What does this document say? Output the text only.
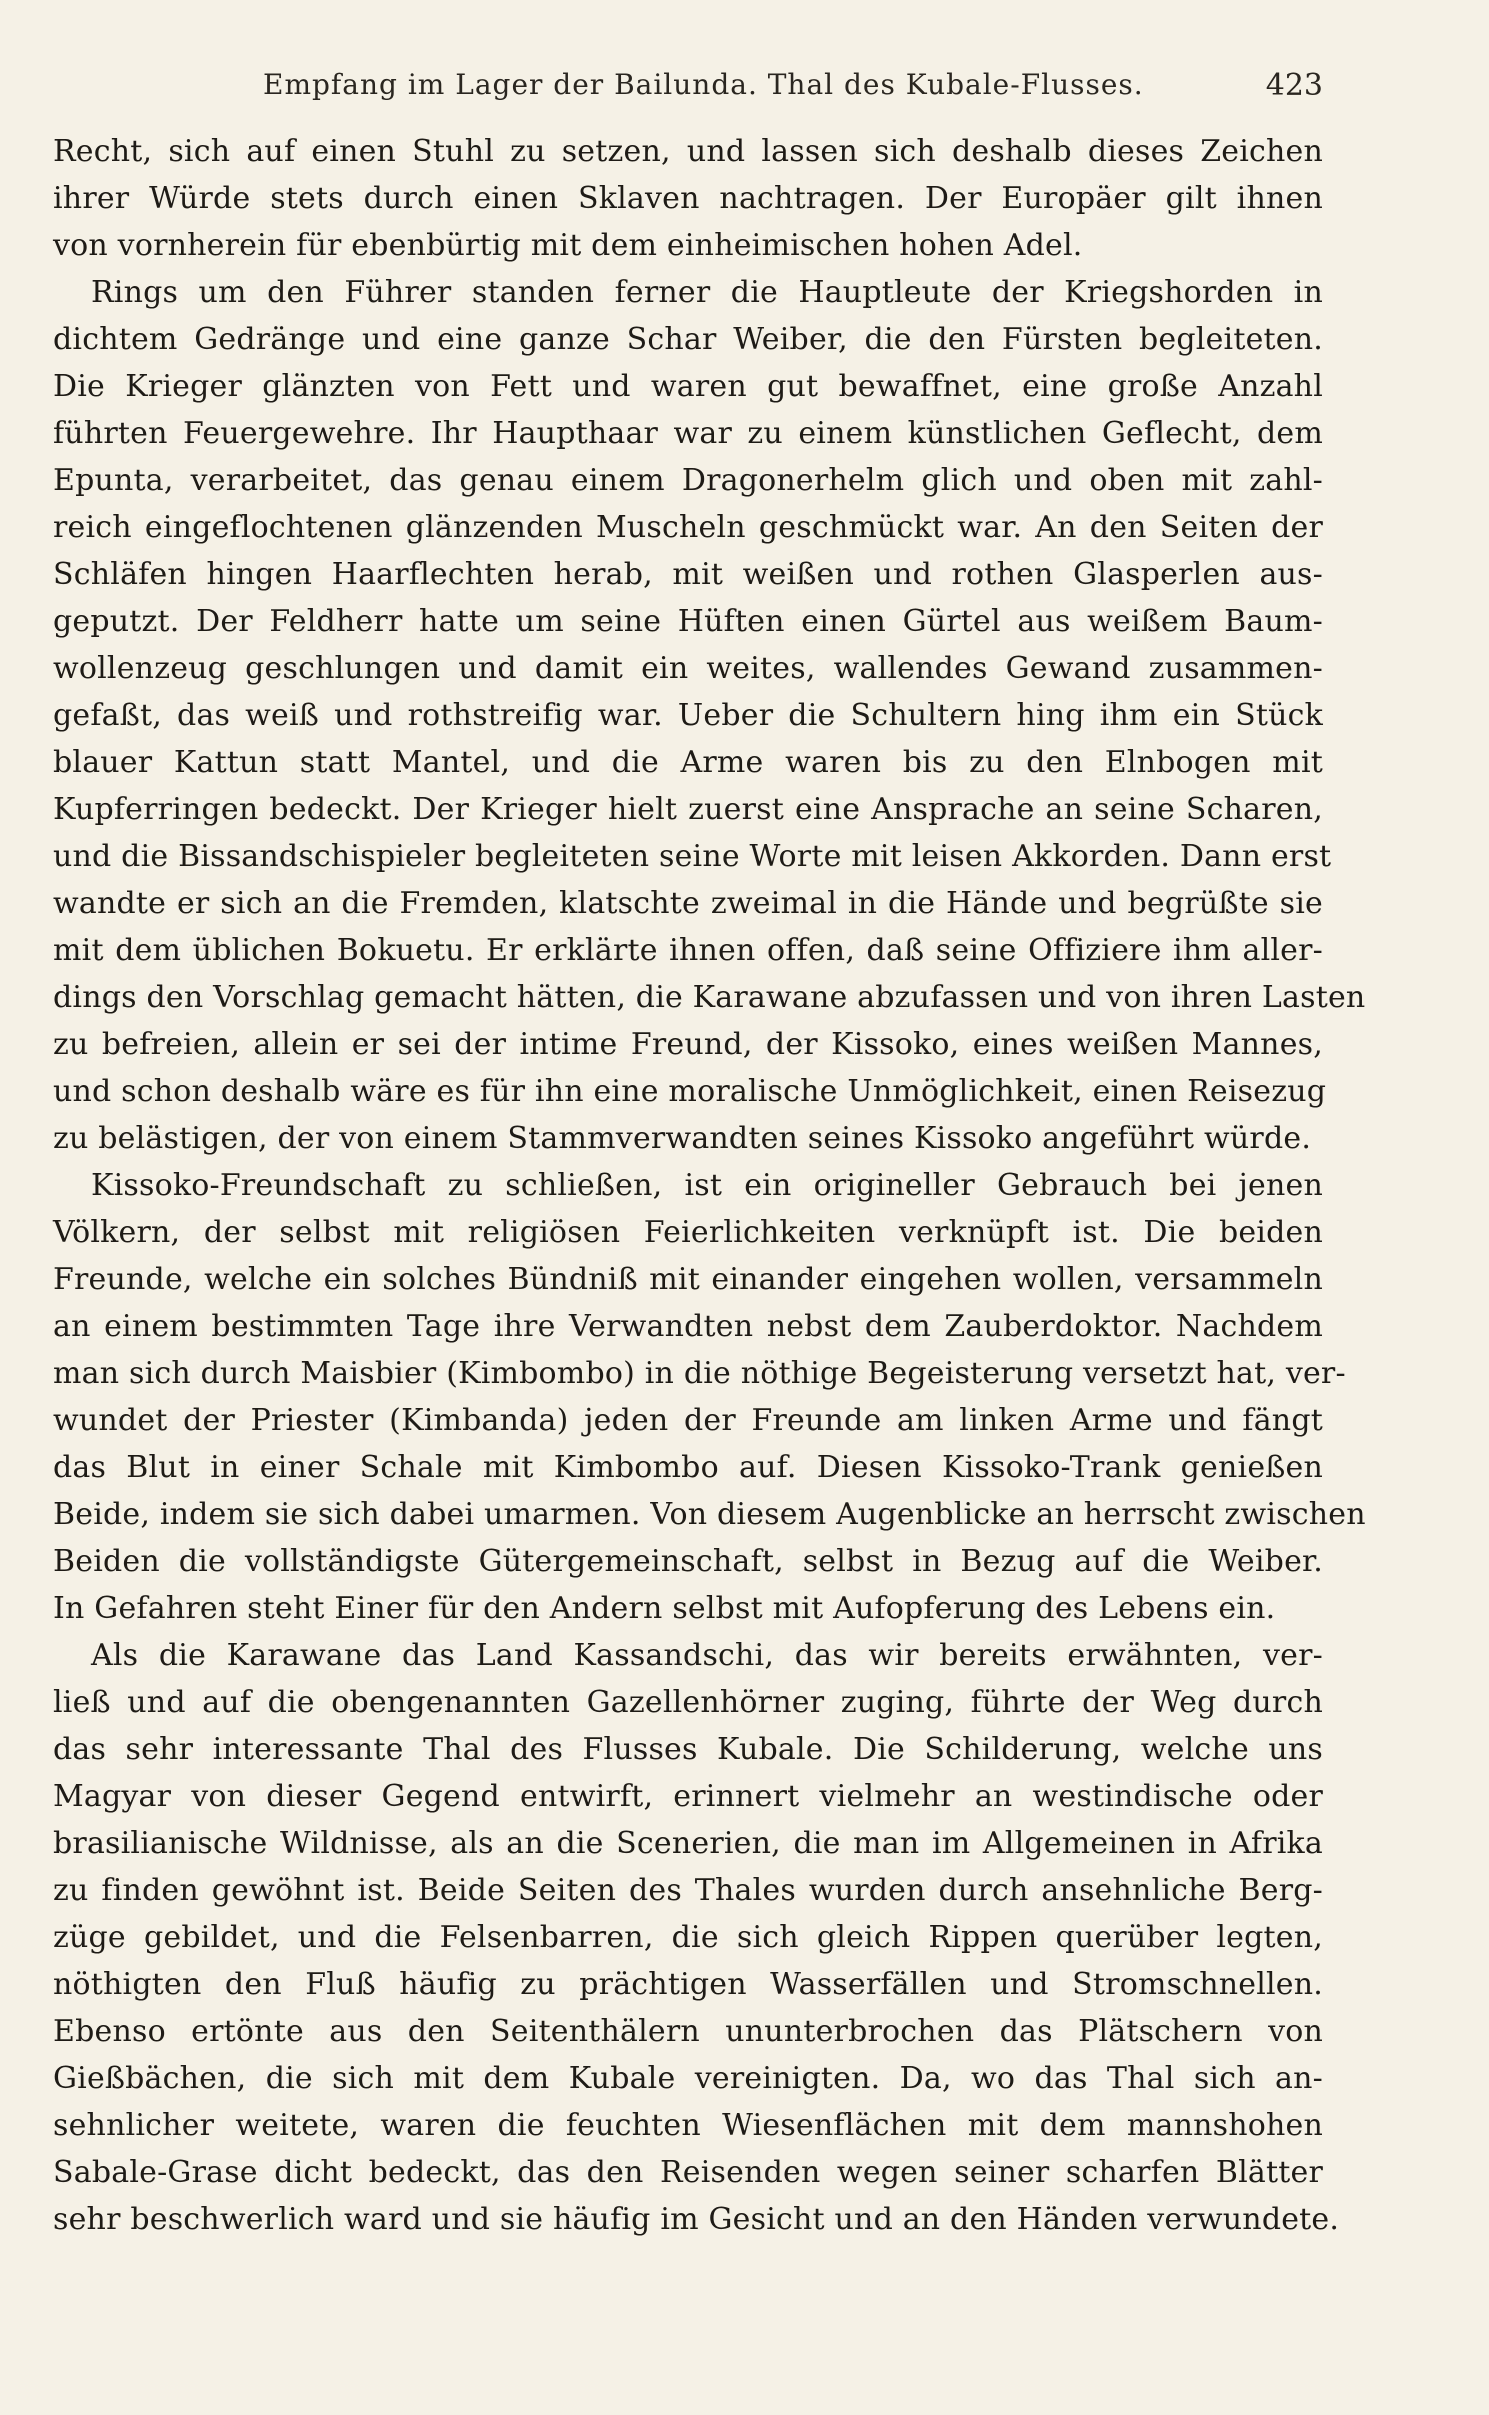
Empfang im Lager der Bailunda. Thal des Kubale-Flusses.	423
Recht, sich auf einen Stuhl zu setzen, und lassen sich deshalb dieses Zeichen
ihrer Würde stets durch einen Sklaven nachtragen. Der Europäer gilt ihnen
von vornherein für ebenbürtig mit dem einheimischen hohen Adel.
Rings um den Führer standen ferner die Hauptleute der Kriegshorden in
dichtem Gedränge und eine ganze Schar Weiber, die den Fürsten begleiteten.
Die Krieger glänzten von Fett und waren gut bewaffnet, eine große Anzahl
führten Feuergewehre. Ihr Haupthaar war zu einem künstlichen Geflecht, dem
Epunta, verarbeitet, das genau einem Dragonerhelm glich und oben mit zahl-
reich eingeflochtenen glänzenden Muscheln geschmückt war. An den Seiten der
Schläfen hingen Haarflechten herab, mit weißen und rothen Glasperlen aus-
geputzt. Der Feldherr hatte um seine Hüften einen Gürtel aus weißem Baum-
wollenzeug geschlungen und damit ein weites, wallendes Gewand zusammen-
gefaßt, das weiß und rothstreifig war. Ueber die Schultern hing ihm ein Stück
blauer Kattun statt Mantel, und die Arme waren bis zu den Elnbogen mit
Kupferringen bedeckt. Der Krieger hielt zuerst eine Ansprache an seine Scharen,
und die Bissandschispieler begleiteten seine Worte mit leisen Akkorden. Dann erst
wandte er sich an die Fremden, klatschte zweimal in die Hände und begrüßte sie
mit dem üblichen Bokuetu. Er erklärte ihnen offen, daß seine Offiziere ihm aller-
dings den Vorschlag gemacht hätten, die Karawane abzufassen und von ihren Lasten
zu befreien, allein er sei der intime Freund, der Kissoko, eines weißen Mannes,
und schon deshalb wäre es für ihn eine moralische Unmöglichkeit, einen Reisezug
zu belästigen, der von einem Stammverwandten seines Kissoko angeführt würde.
Kissoko-Freundschaft zu schließen, ist ein origineller Gebrauch bei jenen
Völkern, der selbst mit religiösen Feierlichkeiten verknüpft ist. Die beiden
Freunde, welche ein solches Bündniß mit einander eingehen wollen, versammeln
an einem bestimmten Tage ihre Verwandten nebst dem Zauberdoktor. Nachdem
man sich durch Maisbier (Kimbombo) in die nöthige Begeisterung versetzt hat, ver-
wundet der Priester (Kimbanda) jeden der Freunde am linken Arme und fängt
das Blut in einer Schale mit Kimbombo auf. Diesen Kissoko-Trank genießen
Beide, indem sie sich dabei umarmen. Von diesem Augenblicke an herrscht zwischen
Beiden die vollständigste Gütergemeinschaft, selbst in Bezug auf die Weiber.
In Gefahren steht Einer für den Andern selbst mit Aufopferung des Lebens ein.
Als die Karawane das Land Kassandschi, das wir bereits erwähnten, ver-
ließ und auf die obengenannten Gazellenhörner zuging, führte der Weg durch
das sehr interessante Thal des Flusses Kubale. Die Schilderung, welche uns
Magyar von dieser Gegend entwirft, erinnert vielmehr an westindische oder
brasilianische Wildnisse, als an die Scenerien, die man im Allgemeinen in Afrika
zu finden gewöhnt ist. Beide Seiten des Thales wurden durch ansehnliche Berg-
züge gebildet, und die Felsenbarren, die sich gleich Rippen querüber legten,
nöthigten den Fluß häufig zu prächtigen Wasserfällen und Stromschnellen.
Ebenso ertönte aus den Seitenthälern ununterbrochen das Plätschern von
Gießbächen, die sich mit dem Kubale vereinigten. Da, wo das Thal sich an-
sehnlicher weitete, waren die feuchten Wiesenflächen mit dem mannshohen
Sabale-Grase dicht bedeckt, das den Reisenden wegen seiner scharfen Blätter
sehr beschwerlich ward und sie häufig im Gesicht und an den Händen verwundete.
